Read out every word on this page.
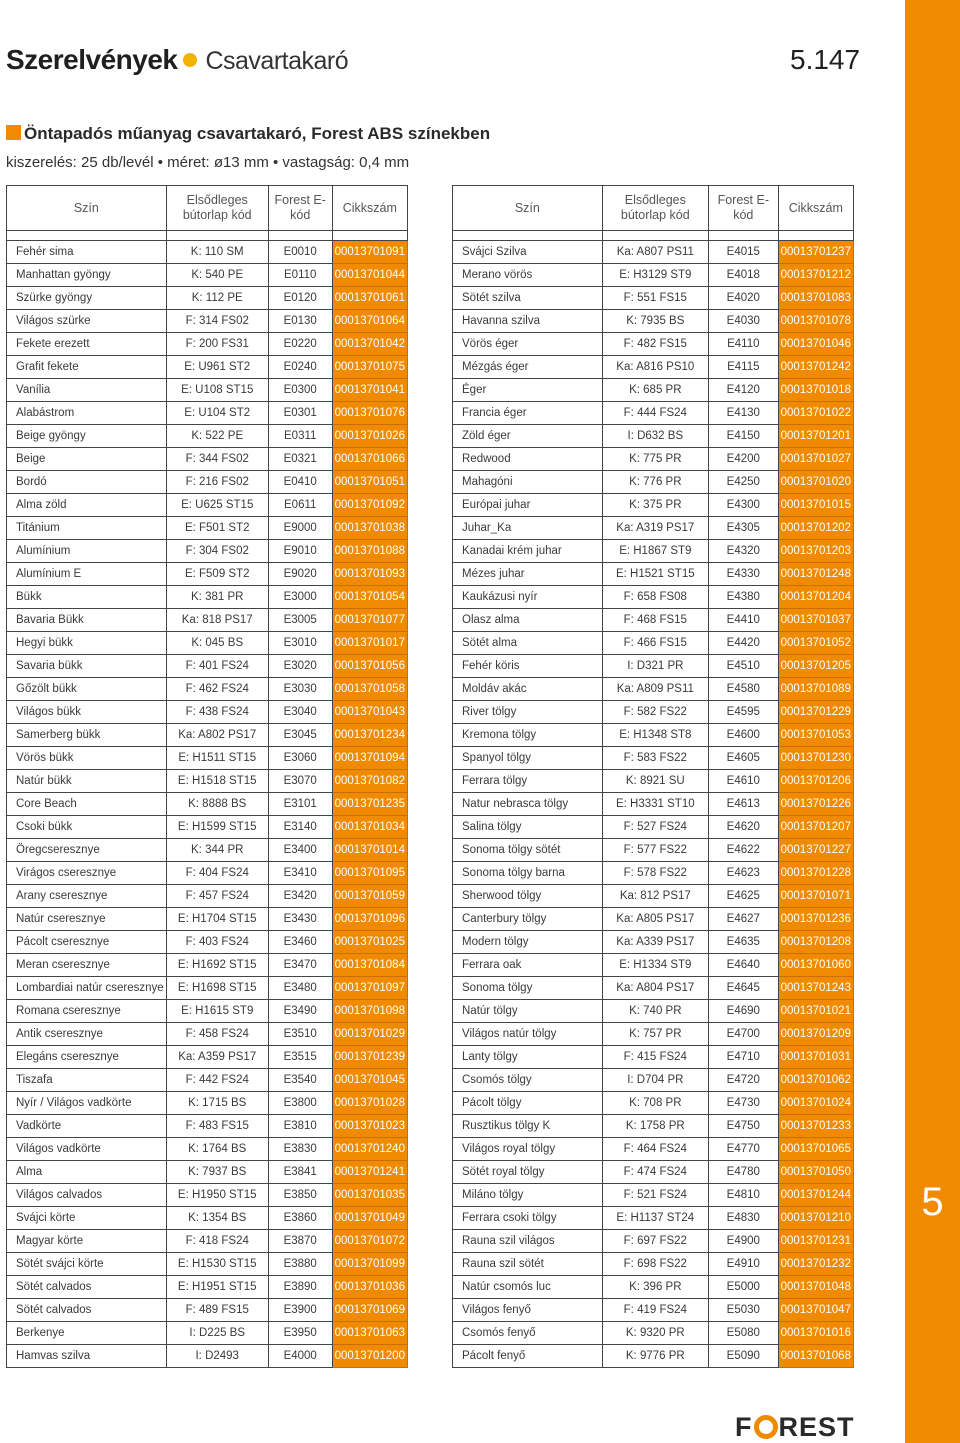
5
Szerelvények Csavartakaró	5.147
Öntapadós műanyag csavartakaró, Forest ABS színekben
kiszerelés: 25 db/levél • méret: ø13 mm • vastagság: 0,4 mm
Szín	Elsődleges bútorlap kód	Forest E-kód	Cikkszám

Fehér sima	K: 110 SM	E0010	00013701091
Manhattan gyöngy	K: 540 PE	E0110	00013701044
Szürke gyöngy	K: 112 PE	E0120	00013701061
Világos szürke	F: 314 FS02	E0130	00013701064
Fekete erezett	F: 200 FS31	E0220	00013701042
Grafit fekete	E: U961 ST2	E0240	00013701075
Vanília	E: U108 ST15	E0300	00013701041
Alabástrom	E: U104 ST2	E0301	00013701076
Beige gyöngy	K: 522 PE	E0311	00013701026
Beige	F: 344 FS02	E0321	00013701066
Bordó	F: 216 FS02	E0410	00013701051
Alma zöld	E: U625 ST15	E0611	00013701092
Titánium	E: F501 ST2	E9000	00013701038
Alumínium	F: 304 FS02	E9010	00013701088
Alumínium E	E: F509 ST2	E9020	00013701093
Bükk	K: 381 PR	E3000	00013701054
Bavaria Bükk	Ka: 818 PS17	E3005	00013701077
Hegyi bükk	K: 045 BS	E3010	00013701017
Savaria bükk	F: 401 FS24	E3020	00013701056
Gőzölt bükk	F: 462 FS24	E3030	00013701058
Világos bükk	F: 438 FS24	E3040	00013701043
Samerberg bükk	Ka: A802 PS17	E3045	00013701234
Vörös bükk	E: H1511 ST15	E3060	00013701094
Natúr bükk	E: H1518 ST15	E3070	00013701082
Core Beach	K: 8888 BS	E3101	00013701235
Csoki bükk	E: H1599 ST15	E3140	00013701034
Öregcseresznye	K: 344 PR	E3400	00013701014
Virágos cseresznye	F: 404 FS24	E3410	00013701095
Arany cseresznye	F: 457 FS24	E3420	00013701059
Natúr cseresznye	E: H1704 ST15	E3430	00013701096
Pácolt cseresznye	F: 403 FS24	E3460	00013701025
Meran cseresznye	E: H1692 ST15	E3470	00013701084
Lombardiai natúr cseresznye	E: H1698 ST15	E3480	00013701097
Romana cseresznye	E: H1615 ST9	E3490	00013701098
Antik cseresznye	F: 458 FS24	E3510	00013701029
Elegáns cseresznye	Ka: A359 PS17	E3515	00013701239
Tiszafa	F: 442 FS24	E3540	00013701045
Nyír / Világos vadkörte	K: 1715 BS	E3800	00013701028
Vadkörte	F: 483 FS15	E3810	00013701023
Világos vadkörte	K: 1764 BS	E3830	00013701240
Alma	K: 7937 BS	E3841	00013701241
Világos calvados	E: H1950 ST15	E3850	00013701035
Svájci körte	K: 1354 BS	E3860	00013701049
Magyar körte	F: 418 FS24	E3870	00013701072
Sötét svájci körte	E: H1530 ST15	E3880	00013701099
Sötét calvados	E: H1951 ST15	E3890	00013701036
Sötét calvados	F: 489 FS15	E3900	00013701069
Berkenye	I: D225 BS	E3950	00013701063
Hamvas szilva	I: D2493	E4000	00013701200
Szín	Elsődleges bútorlap kód	Forest E-kód	Cikkszám

Svájci Szilva	Ka: A807 PS11	E4015	00013701237
Merano vörös	E: H3129 ST9	E4018	00013701212
Sötét szilva	F: 551 FS15	E4020	00013701083
Havanna szilva	K: 7935 BS	E4030	00013701078
Vörös éger	F: 482 FS15	E4110	00013701046
Mézgás éger	Ka: A816 PS10	E4115	00013701242
Éger	K: 685 PR	E4120	00013701018
Francia éger	F: 444 FS24	E4130	00013701022
Zöld éger	I: D632 BS	E4150	00013701201
Redwood	K: 775 PR	E4200	00013701027
Mahagóni	K: 776 PR	E4250	00013701020
Európai juhar	K: 375 PR	E4300	00013701015
Juhar_Ka	Ka: A319 PS17	E4305	00013701202
Kanadai krém juhar	E: H1867 ST9	E4320	00013701203
Mézes juhar	E: H1521 ST15	E4330	00013701248
Kaukázusi nyír	F: 658 FS08	E4380	00013701204
Olasz alma	F: 468 FS15	E4410	00013701037
Sötét alma	F: 466 FS15	E4420	00013701052
Fehér köris	I: D321 PR	E4510	00013701205
Moldáv akác	Ka: A809 PS11	E4580	00013701089
River tölgy	F: 582 FS22	E4595	00013701229
Kremona tölgy	E: H1348 ST8	E4600	00013701053
Spanyol tölgy	F: 583 FS22	E4605	00013701230
Ferrara tölgy	K: 8921 SU	E4610	00013701206
Natur nebrasca tölgy	E: H3331 ST10	E4613	00013701226
Salina tölgy	F: 527 FS24	E4620	00013701207
Sonoma tölgy sötét	F: 577 FS22	E4622	00013701227
Sonoma tölgy barna	F: 578 FS22	E4623	00013701228
Sherwood tölgy	Ka: 812 PS17	E4625	00013701071
Canterbury tölgy	Ka: A805 PS17	E4627	00013701236
Modern tölgy	Ka: A339 PS17	E4635	00013701208
Ferrara oak	E: H1334 ST9	E4640	00013701060
Sonoma tölgy	Ka: A804 PS17	E4645	00013701243
Natúr tölgy	K: 740 PR	E4690	00013701021
Világos natúr tölgy	K: 757 PR	E4700	00013701209
Lanty tölgy	F: 415 FS24	E4710	00013701031
Csomós tölgy	I: D704 PR	E4720	00013701062
Pácolt tölgy	K: 708 PR	E4730	00013701024
Rusztikus tölgy K	K: 1758 PR	E4750	00013701233
Világos royal tölgy	F: 464 FS24	E4770	00013701065
Sötét royal tölgy	F: 474 FS24	E4780	00013701050
Miláno tölgy	F: 521 FS24	E4810	00013701244
Ferrara csoki tölgy	E: H1137 ST24	E4830	00013701210
Rauna szil világos	F: 697 FS22	E4900	00013701231
Rauna szil sötét	F: 698 FS22	E4910	00013701232
Natúr csomós luc	K: 396 PR	E5000	00013701048
Világos fenyő	F: 419 FS24	E5030	00013701047
Csomós fenyő	K: 9320 PR	E5080	00013701016
Pácolt fenyő	K: 9776 PR	E5090	00013701068
F REST
